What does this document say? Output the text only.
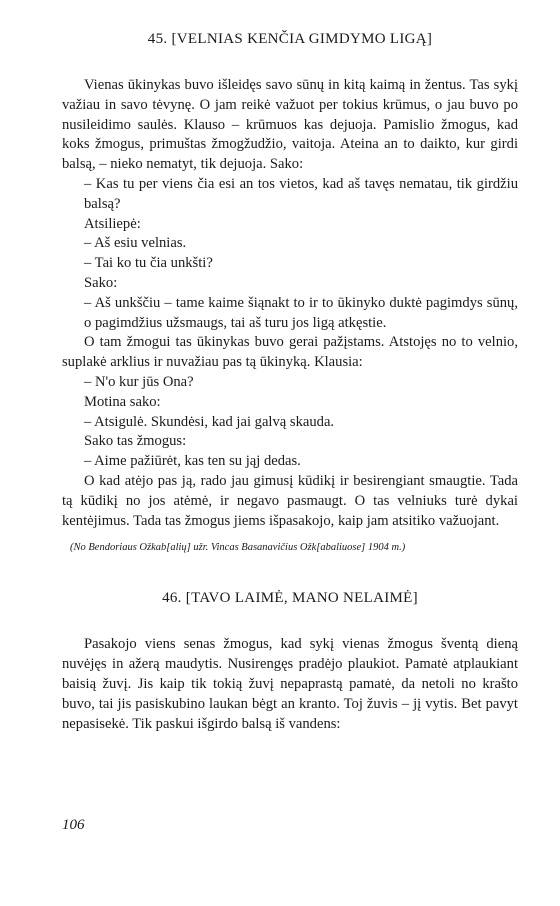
45. [VELNIAS KENČIA GIMDYMO LIGĄ]

Vienas ūkinykas buvo išleidęs savo sūnų in kitą kaimą in žentus. Tas sykį važiau in savo tėvynę. O jam reikė važuot per tokius krūmus, o jau buvo po nusileidimo saulės. Klauso – krūmuos kas dejuoja. Pamislio žmogus, kad koks žmogus, primuštas žmogžudžio, vaitoja. Ateina an to daikto, kur girdi balsą, – nieko nematyt, tik dejuoja. Sako:

– Kas tu per viens čia esi an tos vietos, kad aš tavęs nematau, tik girdžiu balsą?

Atsiliepė:

– Aš esiu velnias.

– Tai ko tu čia unkšti?

Sako:

– Aš unkščiu – tame kaime šiąnakt to ir to ūkinyko duktė pagimdys sūnų, o pagimdžius užsmaugs, tai aš turu jos ligą atkęstie.

O tam žmogui tas ūkinykas buvo gerai pažįstams. Atstojęs no to velnio, suplakė arklius ir nuvažiau pas tą ūkinyką. Klausia:

– N'o kur jūs Ona?

Motina sako:

– Atsigulė. Skundėsi, kad jai galvą skauda.

Sako tas žmogus:

– Aime pažiūrėt, kas ten su jąj dedas.

O kad atėjo pas ją, rado jau gimusį kūdikį ir besirengiant smaugtie. Tada tą kūdikį no jos atėmė, ir negavo pasmaugt. O tas velniuks turė dykai kentėjimus. Tada tas žmogus jiems išpasakojo, kaip jam atsitiko važuojant.

(No Bendoriaus Ožkab[alių] užr. Vincas Basanavičius Ožk[abaliuose] 1904 m.)
46. [TAVO LAIMĖ, MANO NELAIMĖ]

Pasakojo viens senas žmogus, kad sykį vienas žmogus šventą dieną nuvėjęs in ažerą maudytis. Nusirengęs pradėjo plaukiot. Pamatė atplaukiant baisią žuvį. Jis kaip tik tokią žuvį nepaprastą pamatė, da netoli no krašto buvo, tai jis pasiskubino laukan bėgt an kranto. Toj žuvis – jį vytis. Bet pavyt nepasisekė. Tik paskui išgirdo balsą iš vandens:

106
